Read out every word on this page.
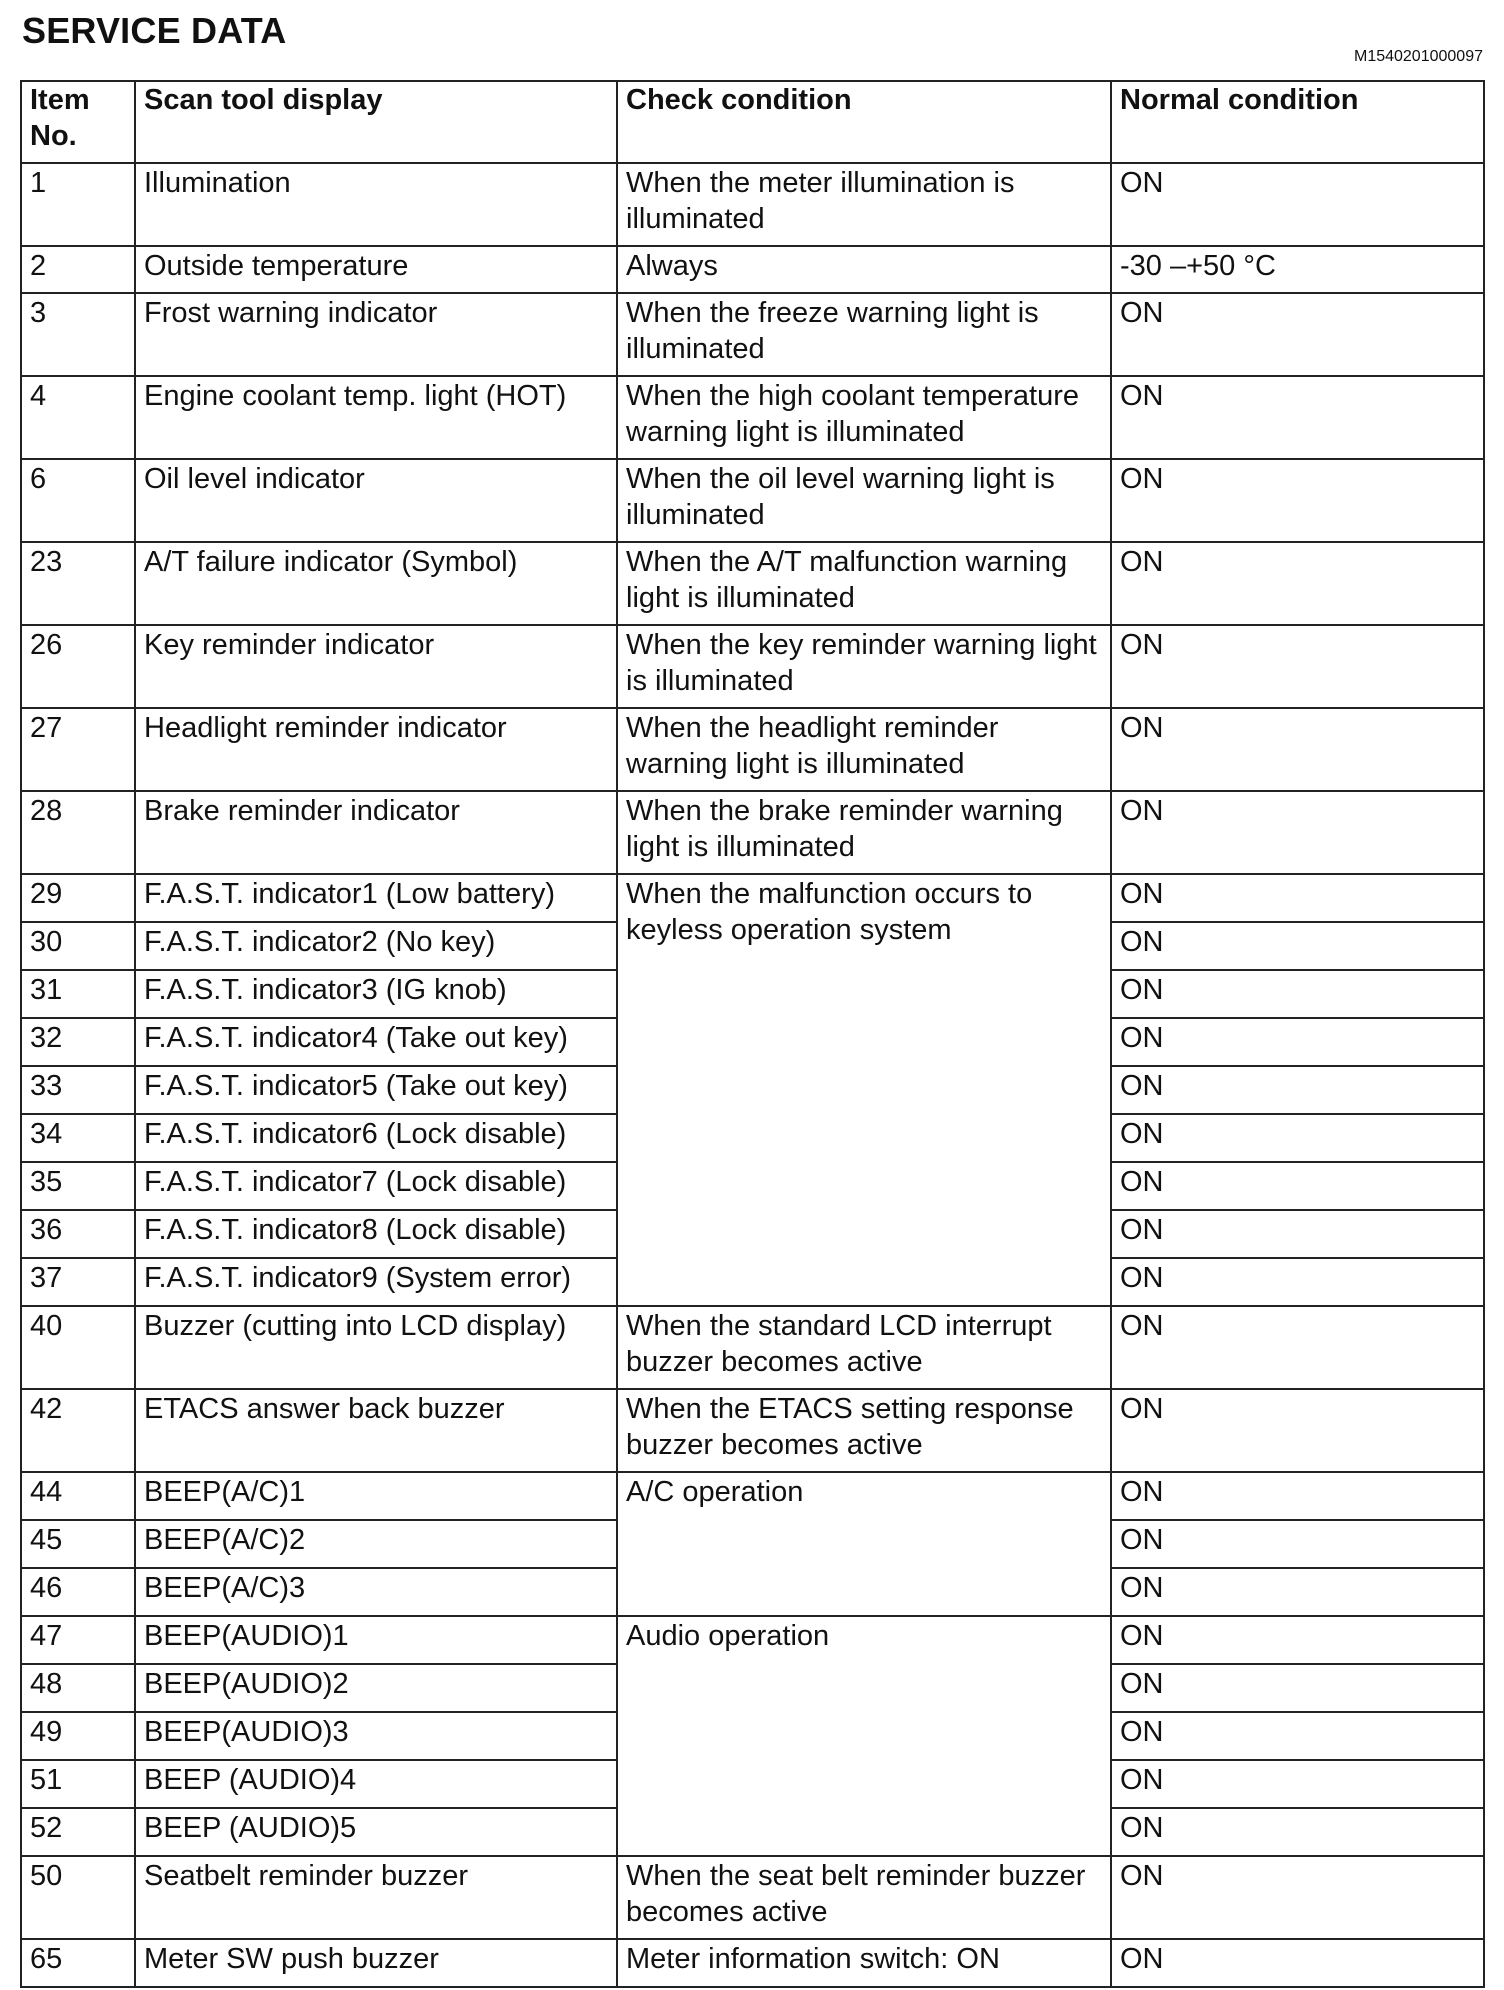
SERVICE DATA
M1540201000097
Item No.	Scan tool display	Check condition	Normal condition
1	Illumination	When the meter illumination is illuminated	ON
2	Outside temperature	Always	-30 –+50 °C
3	Frost warning indicator	When the freeze warning light is illuminated	ON
4	Engine coolant temp. light (HOT)	When the high coolant temperature warning light is illuminated	ON
6	Oil level indicator	When the oil level warning light is illuminated	ON
23	A/T failure indicator (Symbol)	When the A/T malfunction warning light is illuminated	ON
26	Key reminder indicator	When the key reminder warning light is illuminated	ON
27	Headlight reminder indicator	When the headlight reminder warning light is illuminated	ON
28	Brake reminder indicator	When the brake reminder warning light is illuminated	ON
29	F.A.S.T. indicator1 (Low battery)	When the malfunction occurs to keyless operation system	ON
30	F.A.S.T. indicator2 (No key)		ON
31	F.A.S.T. indicator3 (IG knob)		ON
32	F.A.S.T. indicator4 (Take out key)		ON
33	F.A.S.T. indicator5 (Take out key)		ON
34	F.A.S.T. indicator6 (Lock disable)		ON
35	F.A.S.T. indicator7 (Lock disable)		ON
36	F.A.S.T. indicator8 (Lock disable)		ON
37	F.A.S.T. indicator9 (System error)		ON
40	Buzzer (cutting into LCD display)	When the standard LCD interrupt buzzer becomes active	ON
42	ETACS answer back buzzer	When the ETACS setting response buzzer becomes active	ON
44	BEEP(A/C)1	A/C operation	ON
45	BEEP(A/C)2		ON
46	BEEP(A/C)3		ON
47	BEEP(AUDIO)1	Audio operation	ON
48	BEEP(AUDIO)2		ON
49	BEEP(AUDIO)3		ON
51	BEEP (AUDIO)4		ON
52	BEEP (AUDIO)5		ON
50	Seatbelt reminder buzzer	When the seat belt reminder buzzer becomes active	ON
65	Meter SW push buzzer	Meter information switch: ON	ON
